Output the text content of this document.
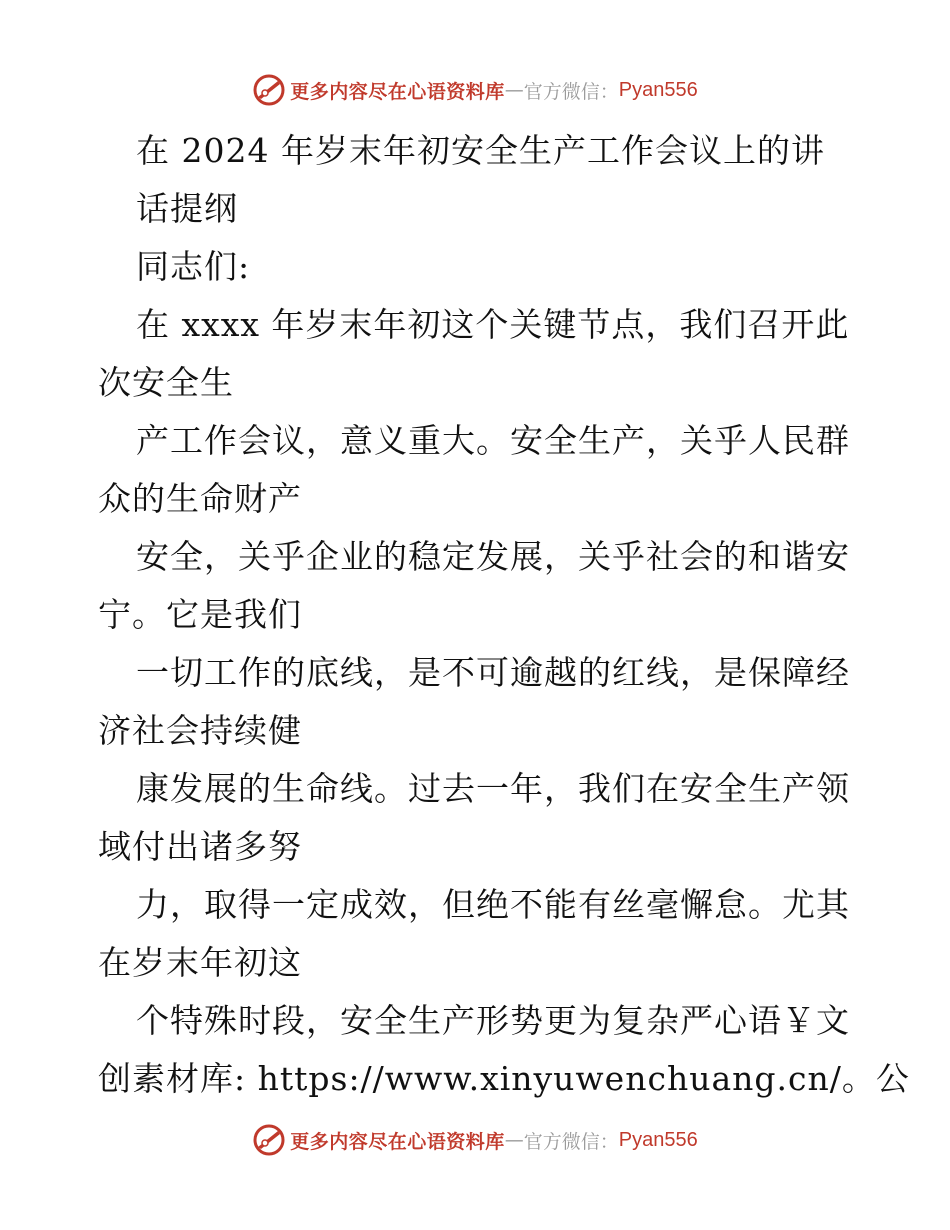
更多内容尽在心语资料库 — 官方微信： Pyan556
在 2024 年岁末年初安全生产工作会议上的讲
话提纲
同志们:
在 xxxx 年岁末年初这个关键节点，我们召开此
次安全生
产工作会议，意义重大。安全生产，关乎人民群
众的生命财产
安全，关乎企业的稳定发展，关乎社会的和谐安
宁。它是我们
一切工作的底线，是不可逾越的红线，是保障经
济社会持续健
康发展的生命线。过去一年，我们在安全生产领
域付出诸多努
力，取得一定成效，但绝不能有丝毫懈怠。尤其
在岁末年初这
个特殊时段，安全生产形势更为复杂严心语￥文
创素材库: https://www.xinyuwenchuang.cn/。公
更多内容尽在心语资料库 — 官方微信： Pyan556
